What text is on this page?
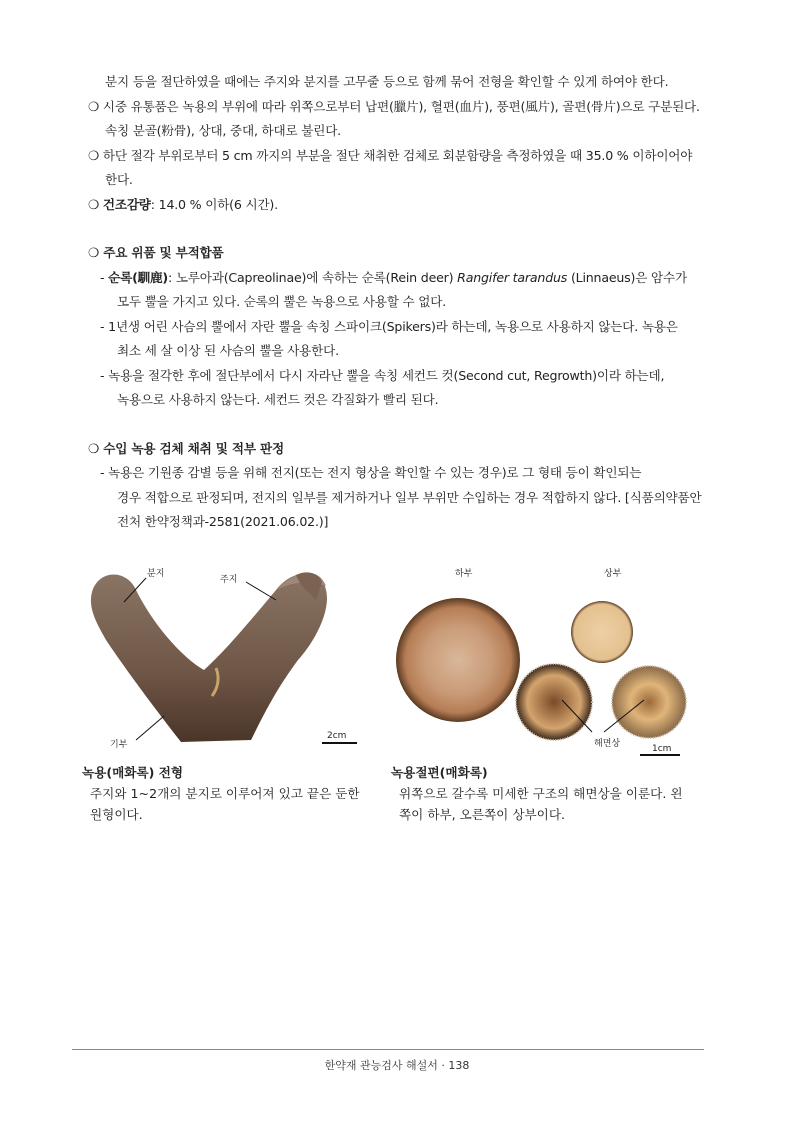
분지 등을 절단하였을 때에는 주지와 분지를 고무줄 등으로 함께 묶어 전형을 확인할 수 있게 하여야 한다.
❍ 시중 유통품은 녹용의 부위에 따라 위쪽으로부터 납편(臘片), 혈편(血片), 풍편(風片), 골편(骨片)으로 구분된다.
속칭 분골(粉骨), 상대, 중대, 하대로 불린다.
❍ 하단 절각 부위로부터 5 cm 까지의 부분을 절단 채취한 검체로 회분함량을 측정하였을 때 35.0 % 이하이어야
한다.
❍ 건조감량: 14.0 % 이하(6 시간).
❍ 주요 위품 및 부적합품
- 순록(馴鹿): 노루아과(Capreolinae)에 속하는 순록(Rein deer) Rangifer tarandus (Linnaeus)은 암수가
모두 뿔을 가지고 있다. 순록의 뿔은 녹용으로 사용할 수 없다.
- 1년생 어린 사슴의 뿔에서 자란 뿔을 속칭 스파이크(Spikers)라 하는데, 녹용으로 사용하지 않는다. 녹용은
최소 세 살 이상 된 사슴의 뿔을 사용한다.
- 녹용을 절각한 후에 절단부에서 다시 자라난 뿔을 속칭 세컨드 컷(Second cut, Regrowth)이라 하는데,
녹용으로 사용하지 않는다. 세컨드 컷은 각질화가 빨리 된다.
❍ 수입 녹용 검체 채취 및 적부 판정
- 녹용은 기원종 감별 등을 위해 전지(또는 전지 형상을 확인할 수 있는 경우)로 그 형태 등이 확인되는
경우 적합으로 판정되며, 전지의 일부를 제거하거나 일부 부위만 수입하는 경우 적합하지 않다. [식품의약품안
전처 한약정책과-2581(2021.06.02.)]
분지
주지
기부
2cm
하부	상부
해면상	1cm
녹용(매화록) 전형
주지와 1~2개의 분지로 이루어져 있고 끝은 둔한
원형이다.
녹용절편(매화록)
위쪽으로 갈수록 미세한 구조의 해면상을 이룬다. 왼
쪽이 하부, 오른쪽이 상부이다.
한약재 관능검사 해설서 · 138
